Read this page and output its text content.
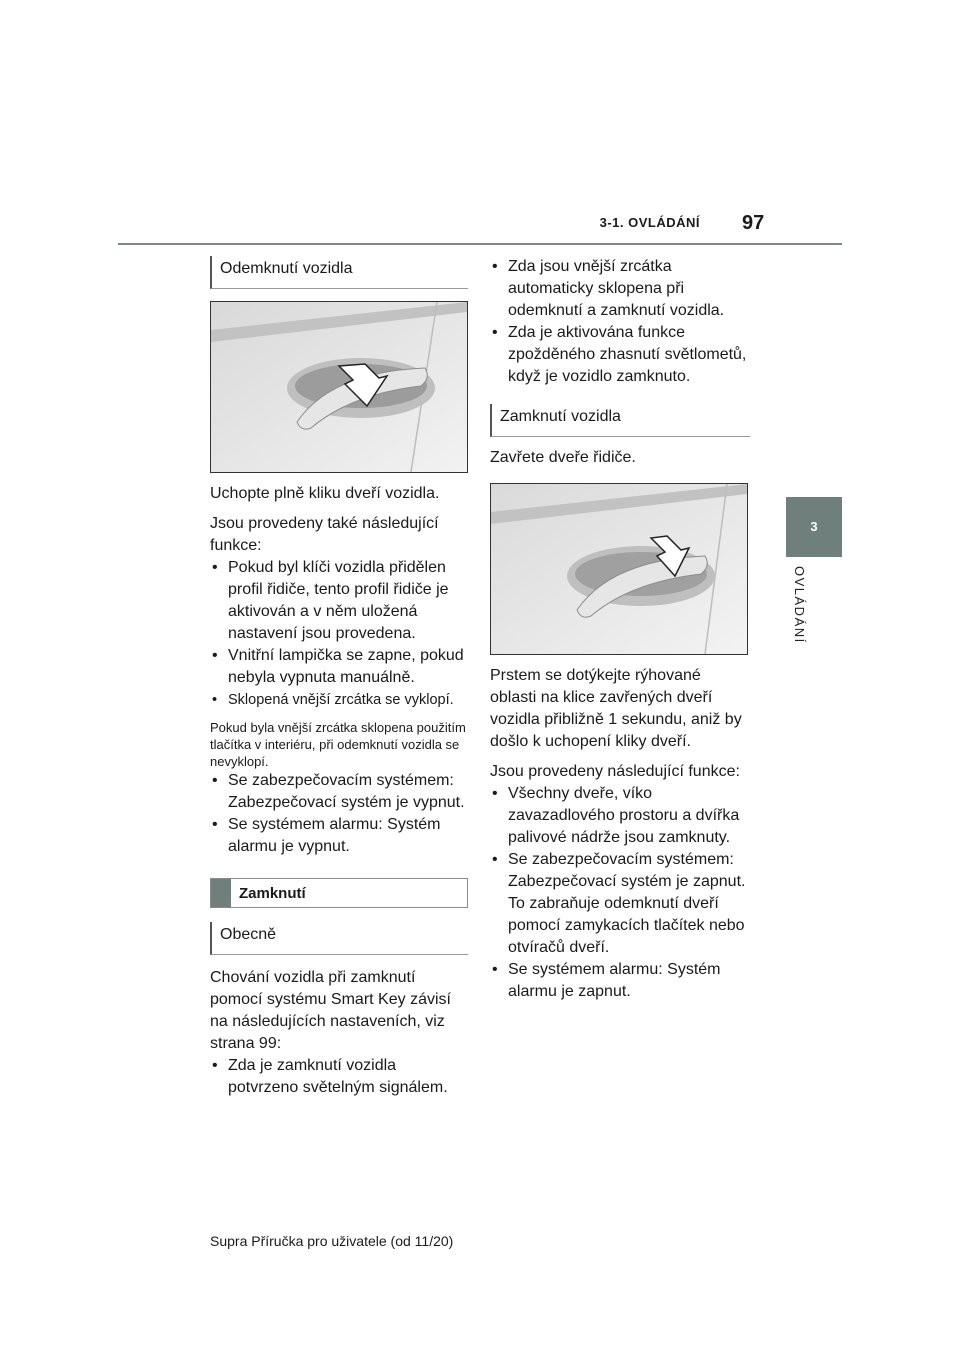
3-1. OVLÁDÁNÍ 97
3
OVLÁDÁNÍ
Odemknutí vozidla

Uchopte plně kliku dveří vozidla.

Jsou provedeny také následující funkce:

• Pokud byl klíči vozidla přidělen profil řidiče, tento profil řidiče je aktivován a v něm uložená nastavení jsou provedena.
• Vnitřní lampička se zapne, pokud nebyla vypnuta manuálně.
• Sklopená vnější zrcátka se vyklopí.

Pokud byla vnější zrcátka sklopena použitím tlačítka v interiéru, při odemknutí vozidla se nevyklopí.

• Se zabezpečovacím systémem: Zabezpečovací systém je vypnut.
• Se systémem alarmu: Systém alarmu je vypnut.
Zamknutí
Obecně

Chování vozidla při zamknutí pomocí systému Smart Key závisí na následujících nastaveních, viz strana 99:

• Zda je zamknutí vozidla potvrzeno světelným signálem.
• Zda jsou vnější zrcátka automaticky sklopena při odemknutí a zamknutí vozidla.
• Zda je aktivována funkce zpožděného zhasnutí světlometů, když je vozidlo zamknuto.
Zamknutí vozidla

Zavřete dveře řidiče.

Prstem se dotýkejte rýhované oblasti na klice zavřených dveří vozidla přibližně 1 sekundu, aniž by došlo k uchopení kliky dveří.

Jsou provedeny následující funkce:

• Všechny dveře, víko zavazadlového prostoru a dvířka palivové nádrže jsou zamknuty.
• Se zabezpečovacím systémem: Zabezpečovací systém je zapnut. To zabraňuje odemknutí dveří pomocí zamykacích tlačítek nebo otvíračů dveří.
• Se systémem alarmu: Systém alarmu je zapnut.
Supra Příručka pro uživatele (od 11/20)
